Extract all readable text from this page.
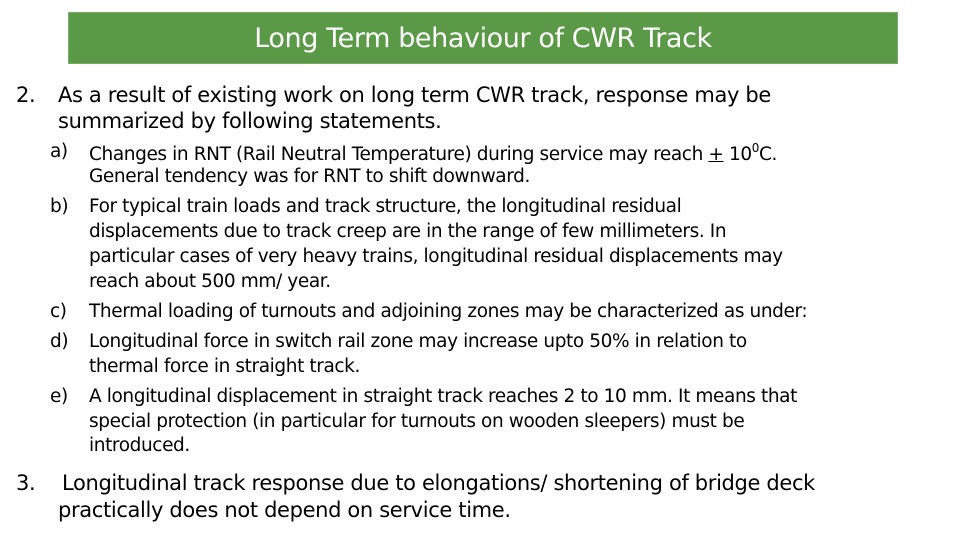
Long Term behaviour of CWR Track
2. As a result of existing work on long term CWR track, response may be
summarized by following statements.
a) Changes in RNT (Rail Neutral Temperature) during service may reach + $10^0C$.
General tendency was for RNT to shift downward.
b) For typical train loads and track structure, the longitudinal residual
displacements due to track creep are in the range of few millimeters. In
particular cases of very heavy trains, longitudinal residual displacements may
reach about 500 mm/ year.
c) Thermal loading of turnouts and adjoining zones may be characterized as under:
d) Longitudinal force in switch rail zone may increase upto 50% in relation to
thermal force in straight track.
e) A longitudinal displacement in straight track reaches 2 to 10 mm. It means that
special protection (in particular for turnouts on wooden sleepers) must be
introduced.
3. Longitudinal track response due to elongations/ shortening of bridge deck
practically does not depend on service time.
